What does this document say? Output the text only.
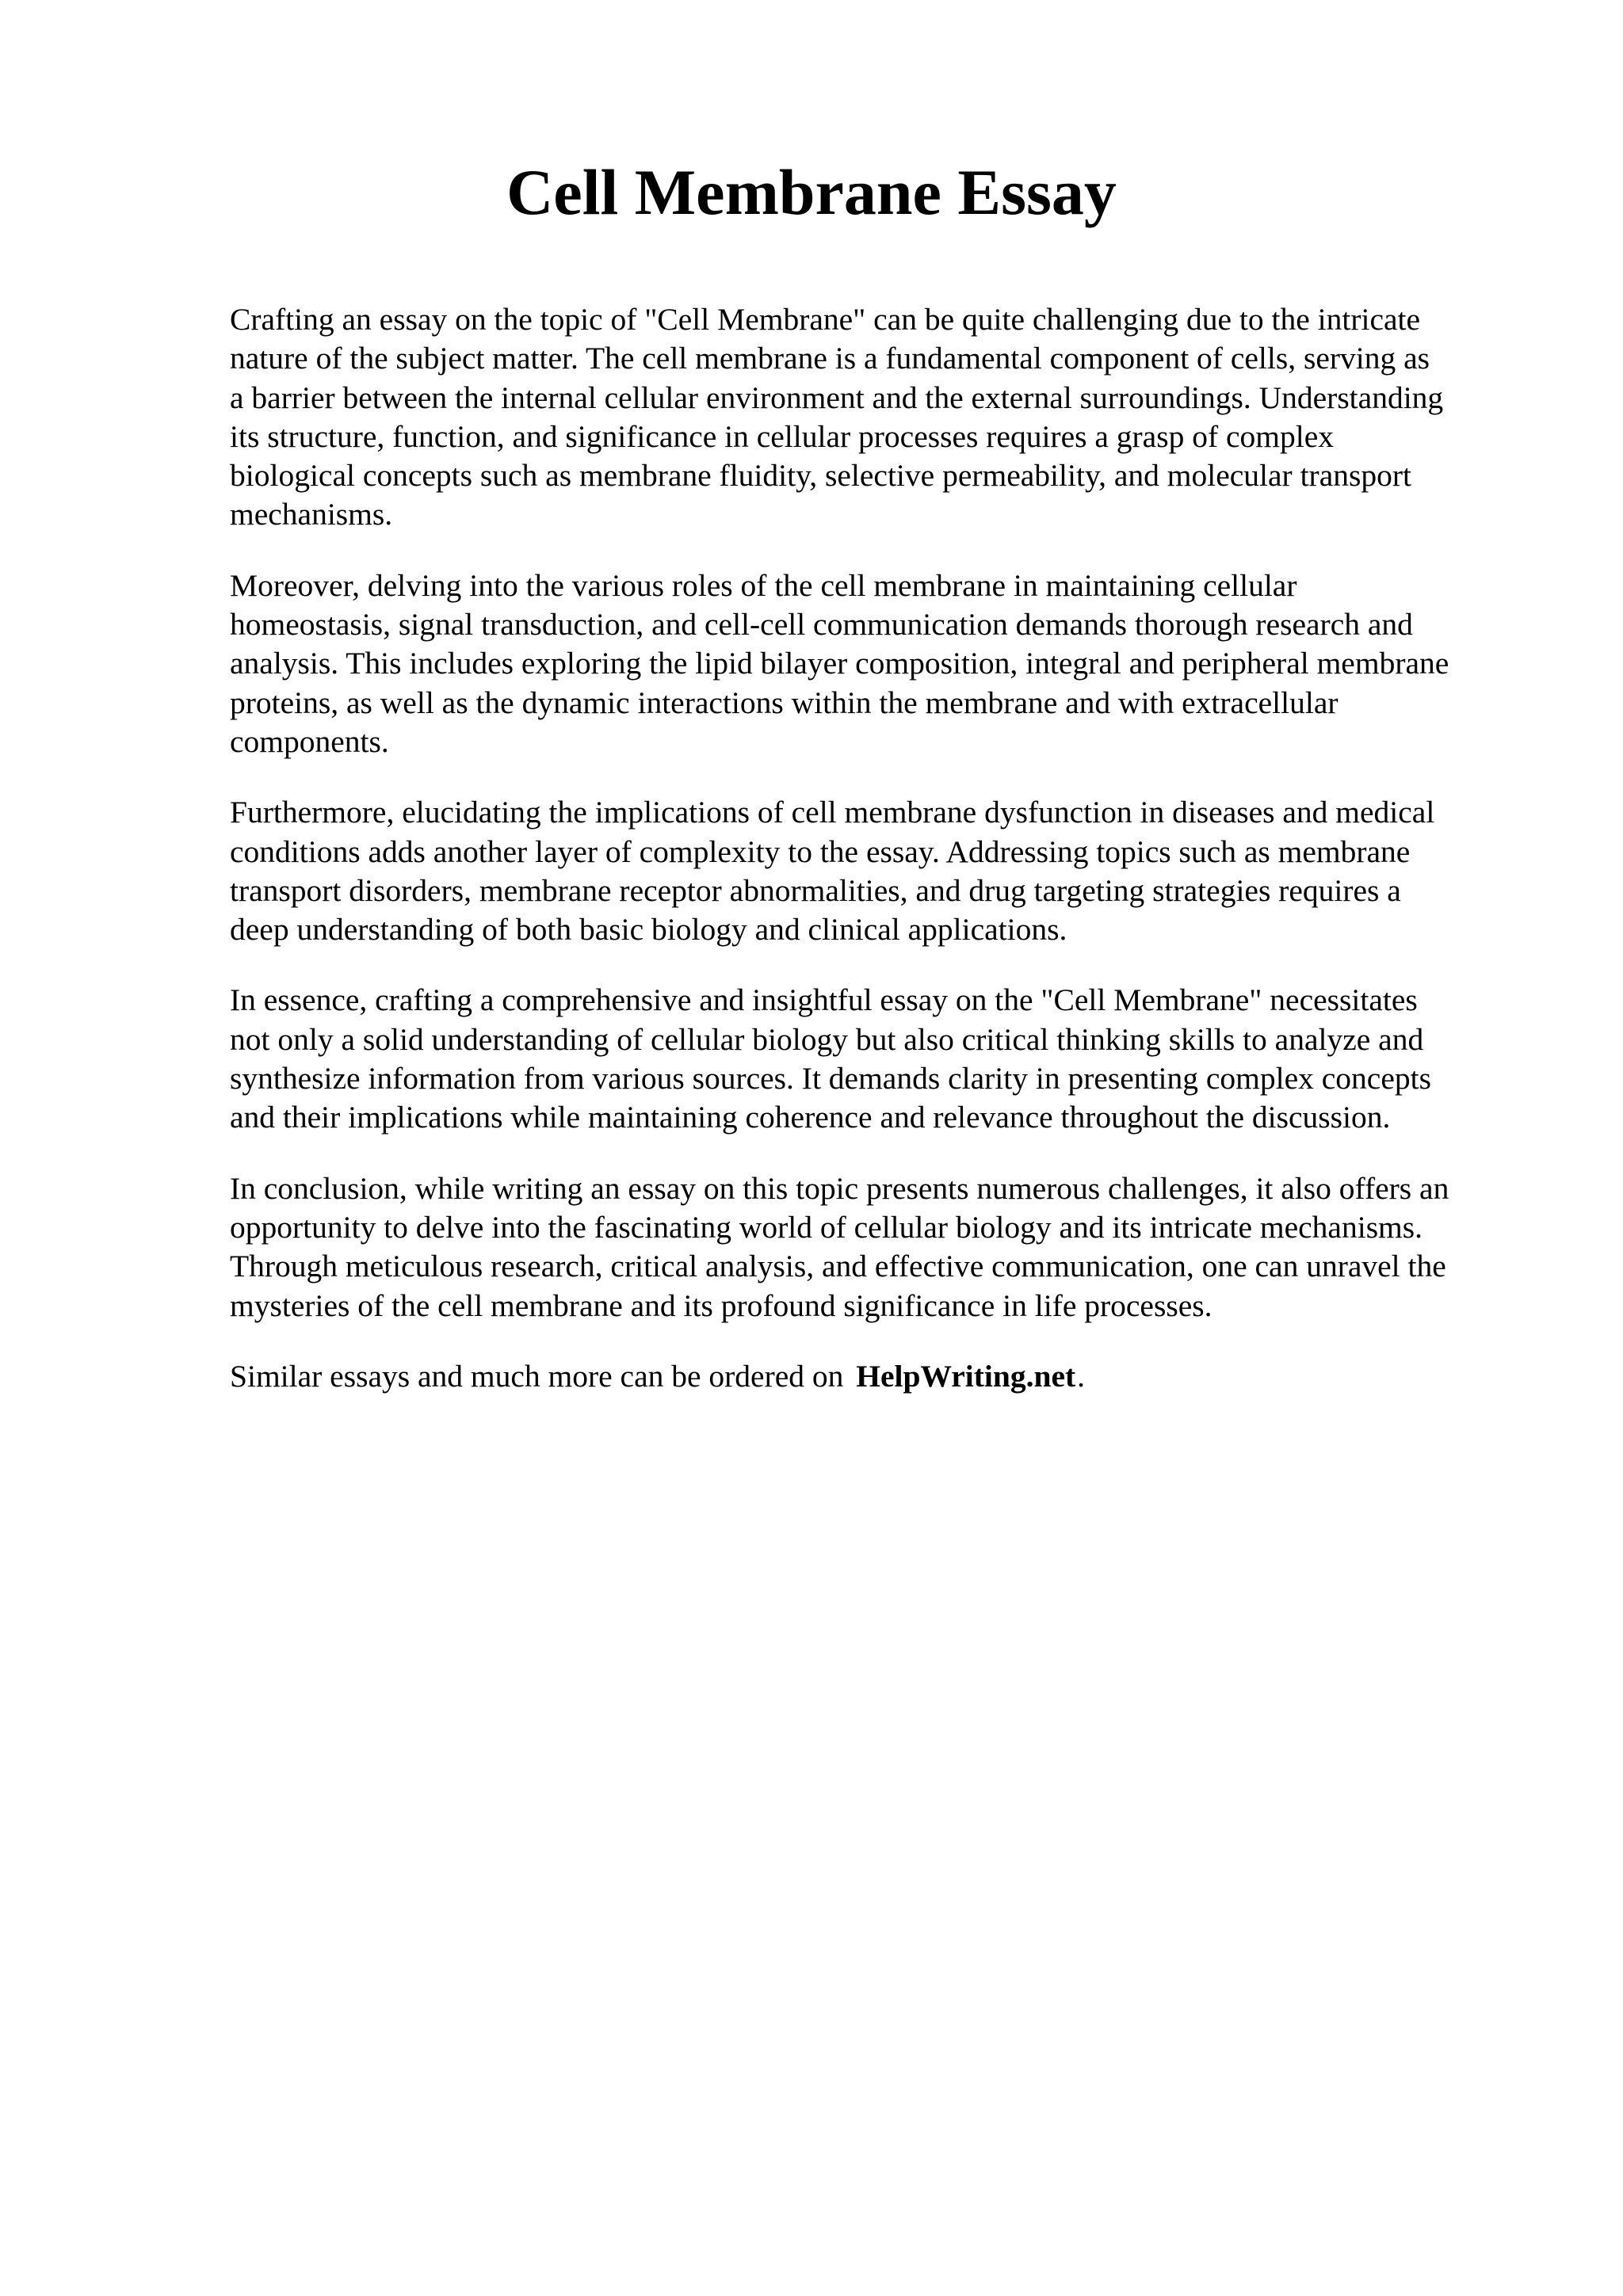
Cell Membrane Essay

Crafting an essay on the topic of "Cell Membrane" can be quite challenging due to the intricate
nature of the subject matter. The cell membrane is a fundamental component of cells, serving as
a barrier between the internal cellular environment and the external surroundings. Understanding
its structure, function, and significance in cellular processes requires a grasp of complex
biological concepts such as membrane fluidity, selective permeability, and molecular transport
mechanisms.

Moreover, delving into the various roles of the cell membrane in maintaining cellular
homeostasis, signal transduction, and cell-cell communication demands thorough research and
analysis. This includes exploring the lipid bilayer composition, integral and peripheral membrane
proteins, as well as the dynamic interactions within the membrane and with extracellular
components.

Furthermore, elucidating the implications of cell membrane dysfunction in diseases and medical
conditions adds another layer of complexity to the essay. Addressing topics such as membrane
transport disorders, membrane receptor abnormalities, and drug targeting strategies requires a
deep understanding of both basic biology and clinical applications.

In essence, crafting a comprehensive and insightful essay on the "Cell Membrane" necessitates
not only a solid understanding of cellular biology but also critical thinking skills to analyze and
synthesize information from various sources. It demands clarity in presenting complex concepts
and their implications while maintaining coherence and relevance throughout the discussion.

In conclusion, while writing an essay on this topic presents numerous challenges, it also offers an
opportunity to delve into the fascinating world of cellular biology and its intricate mechanisms.
Through meticulous research, critical analysis, and effective communication, one can unravel the
mysteries of the cell membrane and its profound significance in life processes.

Similar essays and much more can be ordered on HelpWriting.net.
